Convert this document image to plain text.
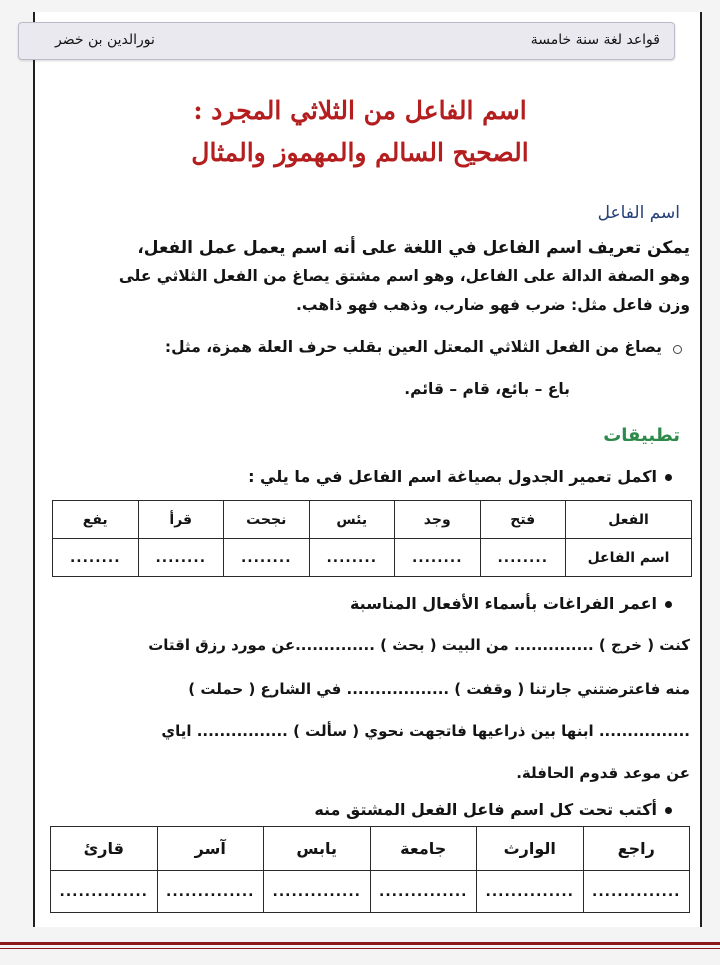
قواعد لغة سنة خامسة
نورالدين بن خضر
اسم الفاعل من الثلاثي المجرد :
الصحيح السالم والمهموز والمثال
اسم الفاعل
يمكن تعريف اسم الفاعل في اللغة على أنه اسم يعمل عمل الفعل،
وهو الصفة الدالة على الفاعل، وهو اسم مشتق يصاغ من الفعل الثلاثي على
وزن فاعل مثل: ضرب فهو ضارب، وذهب فهو ذاهب.
يصاغ من الفعل الثلاثي المعتل العين بقلب حرف العلة همزة، مثل:
باع – بائع، قام – قائم.
تطبيقات
اكمل تعمير الجدول بصياغة اسم الفاعل في ما يلي :
الفعل	فتح	وجد	يئس	نجحت	قرأ	يفع
اسم الفاعل	........	........	........	........	........	........
اعمر الفراغات بأسماء الأفعال المناسبة
كنت ( خرج ) .............. من البيت ( بحث ) ..............عن مورد رزق اقتات
منه فاعترضتني جارتنا ( وقفت ) .................. في الشارع ( حملت )
................ ابنها بين ذراعيها فاتجهت نحوي ( سألت ) ................ اياي
عن موعد قدوم الحافلة.
أكتب تحت كل اسم فاعل الفعل المشتق منه
راجع	الوارث	جامعة	يابس	آسر	قارئ
..............	..............	..............	..............	..............	..............
